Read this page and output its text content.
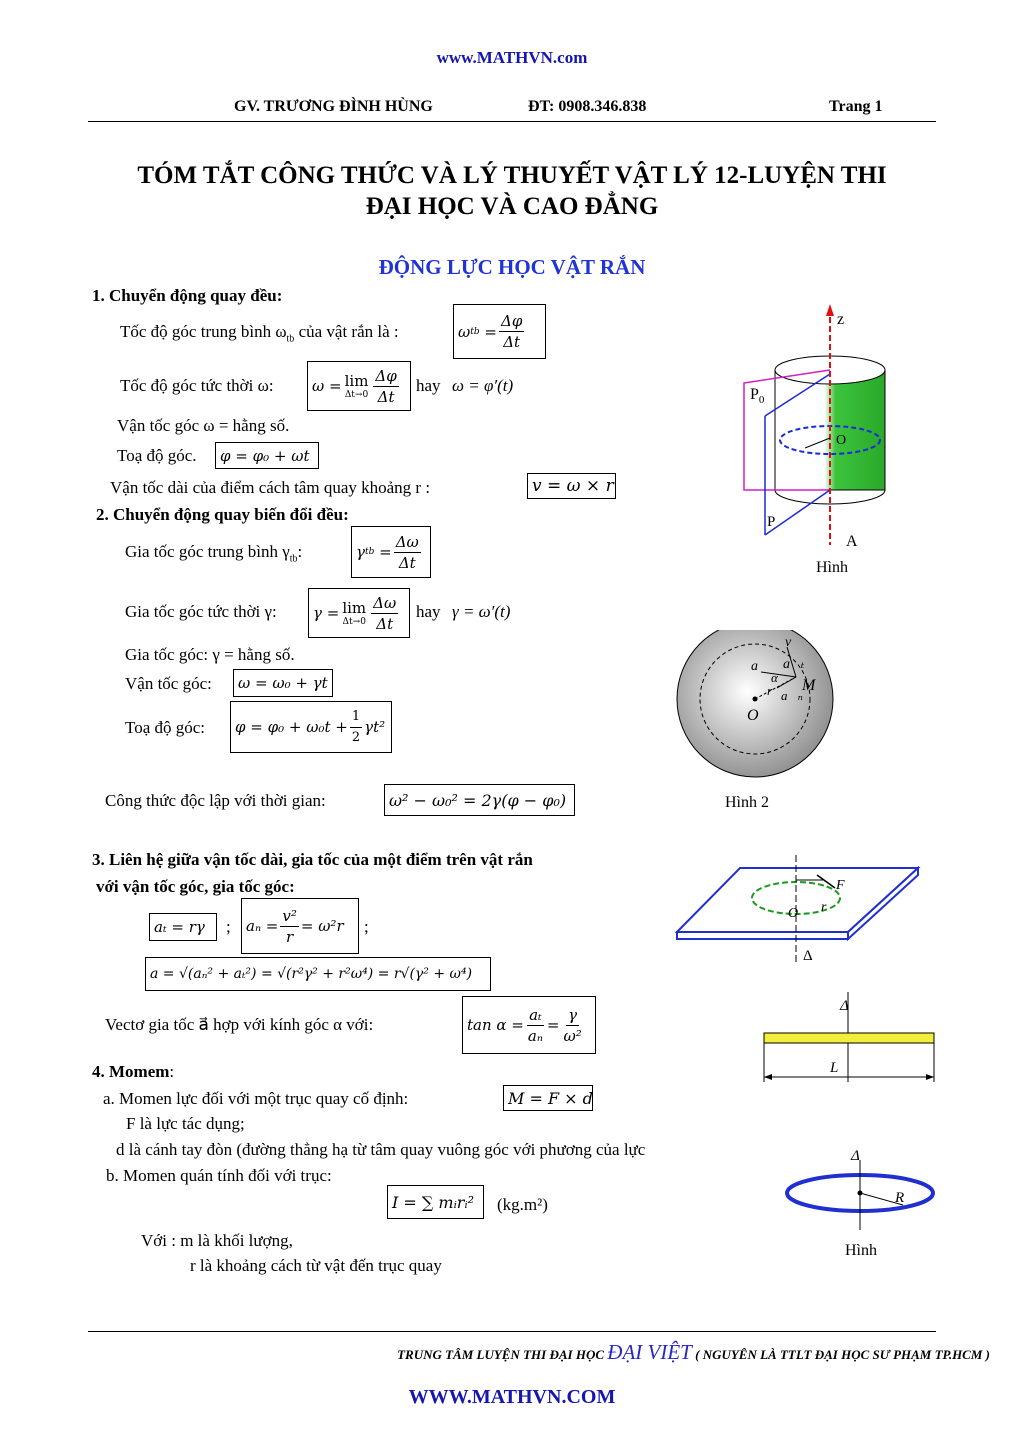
www.MATHVN.com
GV. TRƯƠNG ĐÌNH HÙNG	ĐT: 0908.346.838	Trang 1
TÓM TẮT CÔNG THỨC VÀ LÝ THUYẾT VẬT LÝ 12-LUYỆN THI
ĐẠI HỌC VÀ CAO ĐẲNG
ĐỘNG LỰC HỌC VẬT RẮN
1. Chuyển động quay đều:
Tốc độ góc trung bình $\omega_{tb}$ của vật rắn là :	ω tb
= $\frac{\Delta\varphi}{\Delta t}$
Tốc độ góc tức thời ω:	ω
= lim
$\Delta t\to 0 \frac{\Delta\varphi}{\Delta t}$ hay ω = φ′(t)
Vận tốc góc ω = hằng số.
Toạ độ góc.	φ = φ₀ + ωt
Vận tốc dài của điểm cách tâm quay khoảng r :	v = ω × r
2. Chuyển động quay biến đổi đều:
Gia tốc góc trung bình $\gamma_{tb}$:	γ tb
= $\frac{\Delta\omega}{\Delta t}$
Gia tốc góc tức thời γ: γ
= lim
$\Delta t\to 0 \frac{\Delta\omega}{\Delta t}$ hay γ = ω′(t)
Gia tốc góc: γ = hằng số.
Vận tốc góc:	ω = ω₀ + γt
Toạ độ góc: $\varphi = \varphi_0 + \omega_0t + \frac{1}{2} \gamma t^2$
Công thức độc lập với thời gian:	ω² − ω₀² = 2γ(φ − φ₀)
3. Liên hệ giữa vận tốc dài, gia tốc của một điểm trên vật rắn
với vận tốc góc, gia tốc góc:
aₜ = rγ	; $a_n = \frac{\text{v²}}{r} = \omega^2r$ ;
a = √(aₙ² + aₜ²) = √(r²γ² + r²ω⁴) = r√(γ² + ω⁴)
Vectơ gia tốc a⃗ hợp với kính góc α với:	$\tan \alpha = \frac{\text{aₜ}}{\text{aₙ}} = \frac{\gamma}{\text{ω²}}$
4. Momem:
a. Momen lực đối với một trục quay cố định:	M = F × d
F là lực tác dụng;
d là cánh tay đòn (đường thẳng hạ từ tâm quay vuông góc với phương của lực
b. Momen quán tính đối với trục:
I = ∑ mᵢrᵢ²	(kg.m²)
Với : m là khối lượng,
r là khoảng cách từ vật đến trục quay
z
$P_0$
O
P
A
Hình
v⃗
a⃗ a⃗ₜ
a⃗ₙ
α M
r
O
Hình 2
F⃗
O r
Δ
Δ
L
Δ
R
Hình
TRUNG TÂM LUYỆN THI ĐẠI HỌC ĐẠI VIỆT ( NGUYÊN LÀ TTLT ĐẠI HỌC SƯ PHẠM TP.HCM )
WWW.MATHVN.COM
